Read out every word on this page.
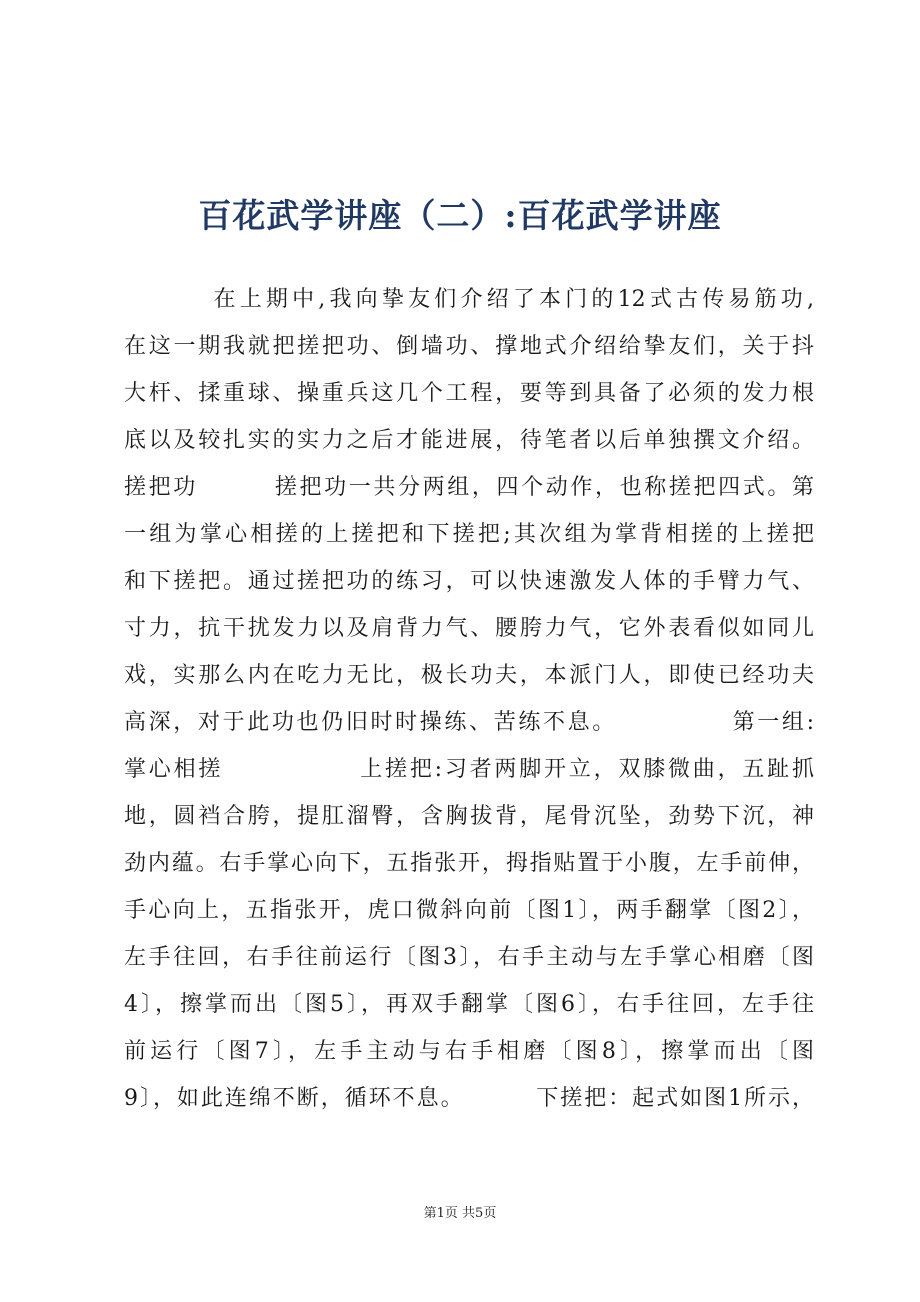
百花武学讲座（二）:百花武学讲座
在上期中,我向挚友们介绍了本门的12式古传易筋功,
在这一期我就把搓把功、倒墙功、撑地式介绍给挚友们，关于抖
大杆、揉重球、操重兵这几个工程，要等到具备了必须的发力根
底以及较扎实的实力之后才能进展，待笔者以后单独撰文介绍。
搓把功        搓把功一共分两组，四个动作，也称搓把四式。第
一组为掌心相搓的上搓把和下搓把;其次组为掌背相搓的上搓把
和下搓把。通过搓把功的练习，可以快速激发人体的手臂力气、
寸力，抗干扰发力以及肩背力气、腰胯力气，它外表看似如同儿
戏，实那么内在吃力无比，极长功夫，本派门人，即使已经功夫
高深，对于此功也仍旧时时操练、苦练不息。            第一组:
掌心相搓              上搓把:习者两脚开立，双膝微曲，五趾抓
地，圆裆合胯，提肛溜臀，含胸拔背，尾骨沉坠，劲势下沉，神
劲内蕴。右手掌心向下，五指张开，拇指贴置于小腹，左手前伸，
手心向上，五指张开，虎口微斜向前〔图1〕，两手翻掌〔图2〕，
左手往回，右手往前运行〔图3〕，右手主动与左手掌心相磨〔图
4〕，擦掌而出〔图5〕，再双手翻掌〔图6〕，右手往回，左手往
前运行〔图7〕，左手主动与右手相磨〔图8〕，擦掌而出〔图
9〕，如此连绵不断，循环不息。        下搓把：起式如图1所示，
第1页 共5页
